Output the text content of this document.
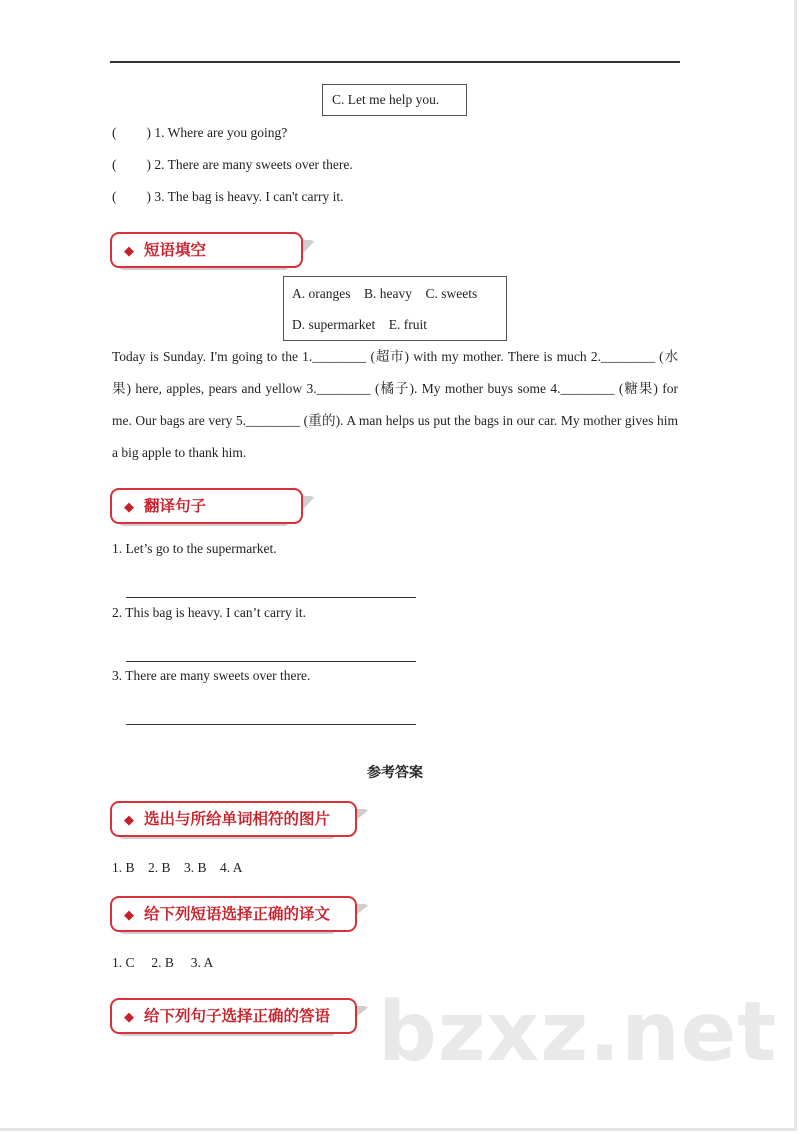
C. Let me help you.
( ) 1. Where are you going?
( ) 2. There are many sweets over there.
( ) 3. The bag is heavy. I can't carry it.
◆ 短语填空
A. oranges    B. heavy    C. sweets
D. supermarket    E. fruit
Today is Sunday. I'm going to the 1.________ (超市) with my mother. There is much 2.________ (水果) here, apples, pears and yellow 3.________ (橘子). My mother buys some 4.________ (糖果) for me. Our bags are very 5.________ (重的). A man helps us put the bags in our car. My mother gives him a big apple to thank him.
◆ 翻译句子
1. Let’s go to the supermarket.
2. This bag is heavy. I can’t carry it.
3. There are many sweets over there.
参考答案
◆ 选出与所给单词相符的图片
1. B    2. B    3. B    4. A
◆ 给下列短语选择正确的译文
1. C     2. B     3. A
◆ 给下列句子选择正确的答语 bzxz.net
